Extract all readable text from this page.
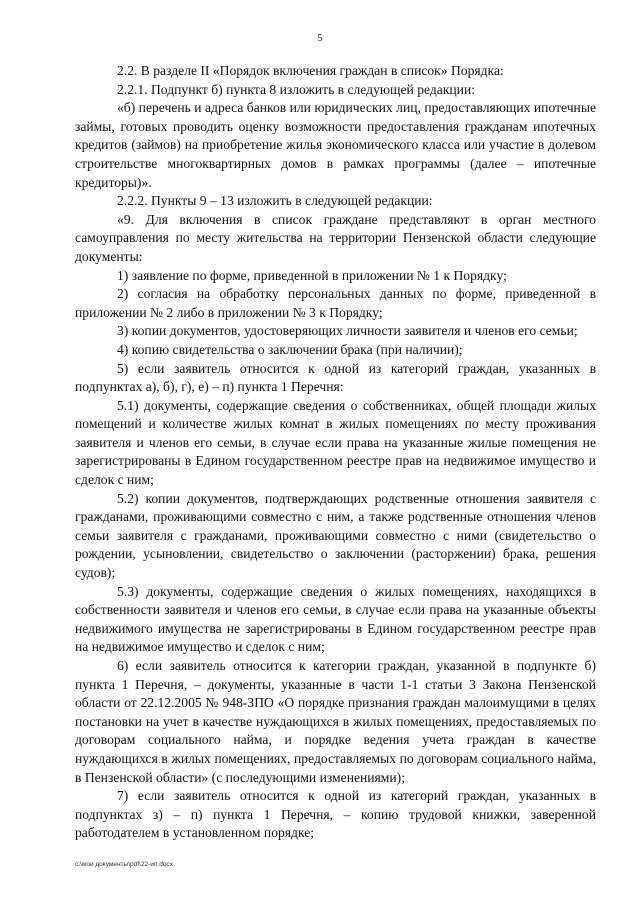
5

2.2. В разделе II «Порядок включения граждан в список» Порядка:

2.2.1. Подпункт б) пункта 8 изложить в следующей редакции:

«б) перечень и адреса банков или юридических лиц, предоставляющих ипотечные займы, готовых проводить оценку возможности предоставления гражданам ипотечных кредитов (займов) на приобретение жилья экономического класса или участие в долевом строительстве многоквартирных домов в рамках программы (далее – ипотечные кредиторы)».

2.2.2. Пункты 9 – 13 изложить в следующей редакции:

«9. Для включения в список граждане представляют в орган местного самоуправления по месту жительства на территории Пензенской области следующие документы:

1) заявление по форме, приведенной в приложении № 1 к Порядку;

2) согласия на обработку персональных данных по форме, приведенной в приложении № 2 либо в приложении № 3 к Порядку;

3) копии документов, удостоверяющих личности заявителя и членов его семьи;

4) копию свидетельства о заключении брака (при наличии);

5) если заявитель относится к одной из категорий граждан, указанных в подпунктах а), б), г), е) – п) пункта 1 Перечня:

5.1) документы, содержащие сведения о собственниках, общей площади жилых помещений и количестве жилых комнат в жилых помещениях по месту проживания заявителя и членов его семьи, в случае если права на указанные жилые помещения не зарегистрированы в Едином государственном реестре прав на недвижимое имущество и сделок с ним;

5.2) копии документов, подтверждающих родственные отношения заявителя с гражданами, проживающими совместно с ним, а также родственные отношения членов семьи заявителя с гражданами, проживающими совместно с ними (свидетельство о рождении, усыновлении, свидетельство о заключении (расторжении) брака, решения судов);

5.3) документы, содержащие сведения о жилых помещениях, находящихся в собственности заявителя и членов его семьи, в случае если права на указанные объекты недвижимого имущества не зарегистрированы в Едином государственном реестре прав на недвижимое имущество и сделок с ним;

6) если заявитель относится к категории граждан, указанной в подпункте б) пункта 1 Перечня, – документы, указанные в части 1-1 статьи 3 Закона Пензенской области от 22.12.2005 № 948-ЗПО «О порядке признания граждан малоимущими в целях постановки на учет в качестве нуждающихся в жилых помещениях, предоставляемых по договорам социального найма, и порядке ведения учета граждан в качестве нуждающихся в жилых помещениях, предоставляемых по договорам социального найма, в Пензенской области» (с последующими изменениями);

7) если заявитель относится к одной из категорий граждан, указанных в подпунктах з) – п) пункта 1 Перечня, – копию трудовой книжки, заверенной работодателем в установленном порядке;

c:\мои документы\pdf\22-ип.docx
